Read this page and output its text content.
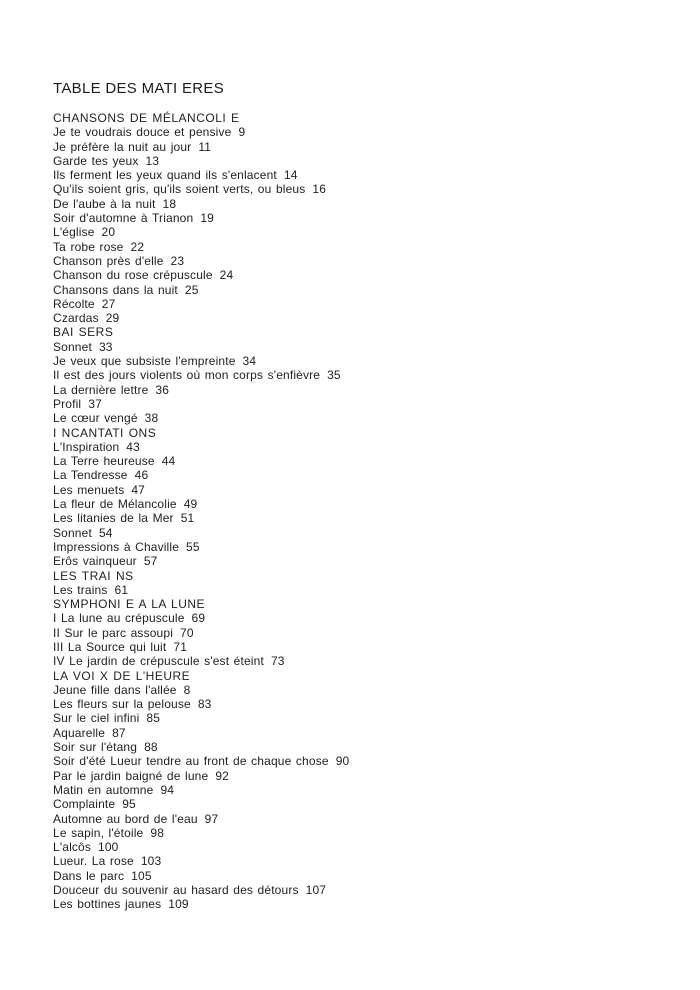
TABLE DES MATI ERES
CHANSONS DE MÉLANCOLI E
Je te voudrais douce et pensive 9
Je préfère la nuit au jour 11
Garde tes yeux 13
Ils ferment les yeux quand ils s'enlacent 14
Qu'ils soient gris, qu'ils soient verts, ou bleus 16
De l'aube à la nuit 18
Soir d'automne à Trianon 19
L'église 20
Ta robe rose 22
Chanson près d'elle 23
Chanson du rose crépuscule 24
Chansons dans la nuit 25
Récolte 27
Czardas 29
BAI SERS
Sonnet 33
Je veux que subsiste l'empreinte 34
Il est des jours violents où mon corps s'enfièvre 35
La dernière lettre 36
Profil 37
Le cœur vengé 38
I NCANTATI ONS
L'Inspiration 43
La Terre heureuse 44
La Tendresse 46
Les menuets 47
La fleur de Mélancolie 49
Les litanies de la Mer 51
Sonnet 54
Impressions à Chaville 55
Erôs vainqueur 57
LES TRAI NS
Les trains 61
SYMPHONI E A LA LUNE
I La lune au crépuscule 69
II Sur le parc assoupi 70
III La Source qui luit 71
IV Le jardin de crépuscule s'est éteint 73
LA VOI X DE L'HEURE
Jeune fille dans l'allée 8
Les fleurs sur la pelouse 83
Sur le ciel infini 85
Aquarelle 87
Soir sur l'étang 88
Soir d'été Lueur tendre au front de chaque chose 90
Par le jardin baigné de lune 92
Matin en automne 94
Complainte 95
Automne au bord de l'eau 97
Le sapin, l'étoile 98
L'alcôs 100
Lueur. La rose 103
Dans le parc 105
Douceur du souvenir au hasard des détours 107
Les bottines jaunes 109
